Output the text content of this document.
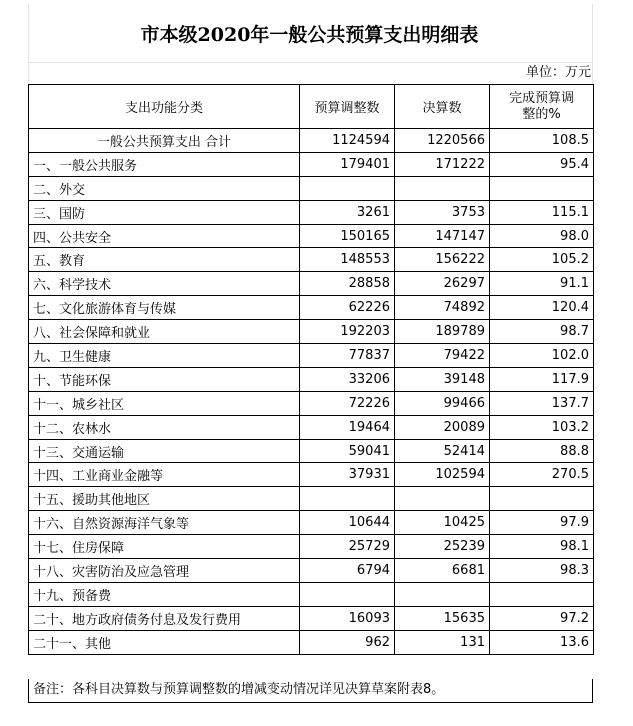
市本级2020年一般公共预算支出明细表
单位：万元
支出功能分类	预算调整数	决算数	完成预算调整的%
一般公共预算支出 合计	1124594	1220566	108.5
一、一般公共服务	179401	171222	95.4
二、外交			
三、国防	3261	3753	115.1
四、公共安全	150165	147147	98.0
五、教育	148553	156222	105.2
六、科学技术	28858	26297	91.1
七、文化旅游体育与传媒	62226	74892	120.4
八、社会保障和就业	192203	189789	98.7
九、卫生健康	77837	79422	102.0
十、节能环保	33206	39148	117.9
十一、城乡社区	72226	99466	137.7
十二、农林水	19464	20089	103.2
十三、交通运输	59041	52414	88.8
十四、工业商业金融等	37931	102594	270.5
十五、援助其他地区			
十六、自然资源海洋气象等	10644	10425	97.9
十七、住房保障	25729	25239	98.1
十八、灾害防治及应急管理	6794	6681	98.3
十九、预备费			
二十、地方政府债务付息及发行费用	16093	15635	97.2
二十一、其他	962	131	13.6
备注：各科目决算数与预算调整数的增减变动情况详见决算草案附表8。
